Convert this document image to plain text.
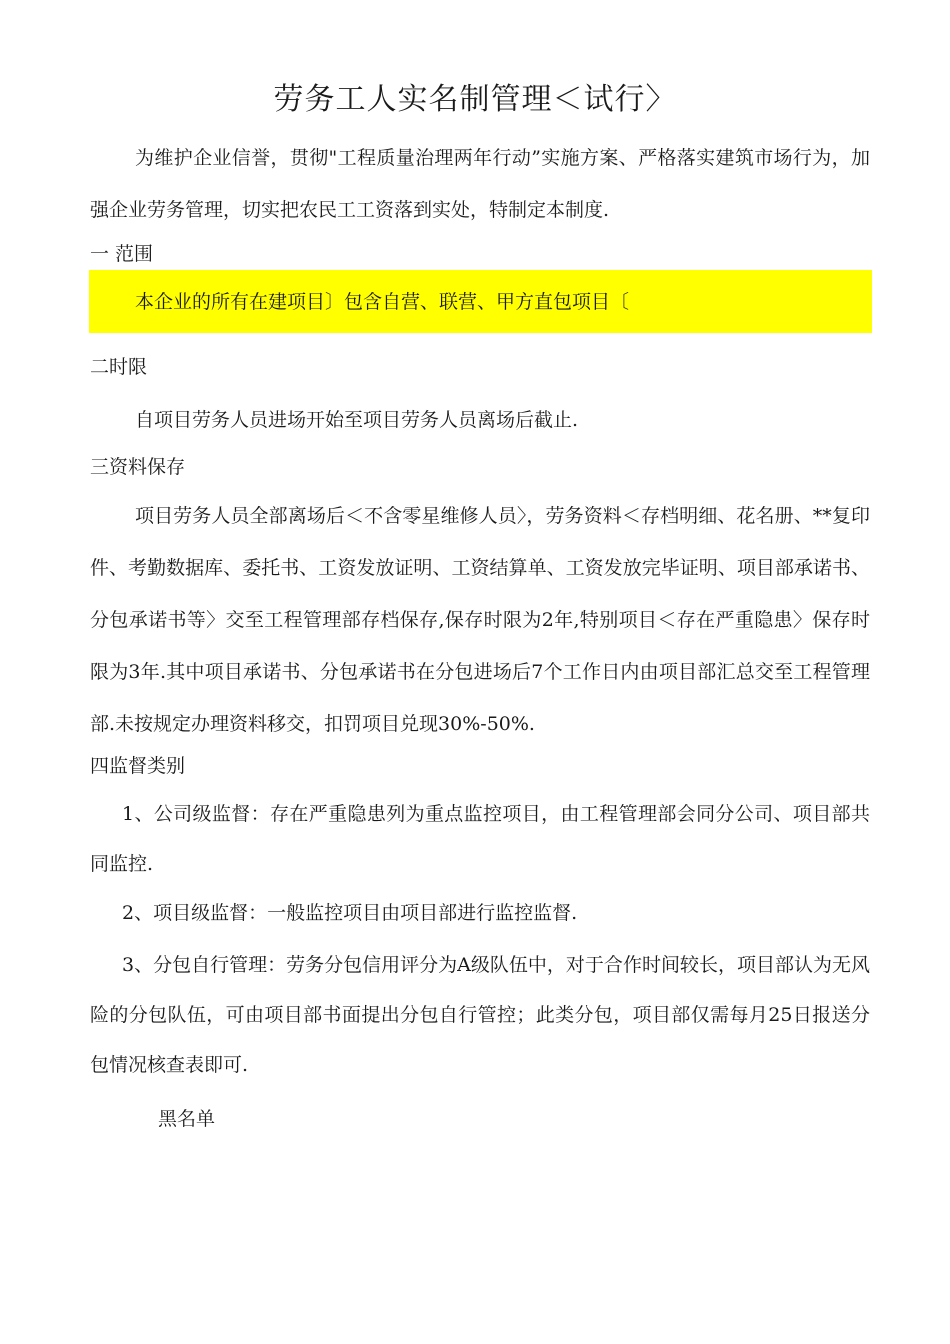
劳务工人实名制管理＜试行〉

为维护企业信誉，贯彻"工程质量治理两年行动”实施方案、严格落实建筑市场行为，加强企业劳务管理，切实把农民工工资落到实处，特制定本制度.

一 范围

本企业的所有在建项目〕包含自营、联营、甲方直包项目〔

二时限

自项目劳务人员进场开始至项目劳务人员离场后截止.

三资料保存

项目劳务人员全部离场后＜不含零星维修人员〉，劳务资料＜存档明细、花名册、**复印件、考勤数据库、委托书、工资发放证明、工资结算单、工资发放完毕证明、项目部承诺书、分包承诺书等〉交至工程管理部存档保存,保存时限为2年,特别项目＜存在严重隐患〉保存时限为3年.其中项目承诺书、分包承诺书在分包进场后7个工作日内由项目部汇总交至工程管理部.未按规定办理资料移交，扣罚项目兑现30%-50%.

四监督类别

1、公司级监督：存在严重隐患列为重点监控项目，由工程管理部会同分公司、项目部共同监控.

2、项目级监督：一般监控项目由项目部进行监控监督.

3、分包自行管理：劳务分包信用评分为A级队伍中，对于合作时间较长，项目部认为无风险的分包队伍，可由项目部书面提出分包自行管控；此类分包，项目部仅需每月25日报送分包情况核查表即可.

黑名单
